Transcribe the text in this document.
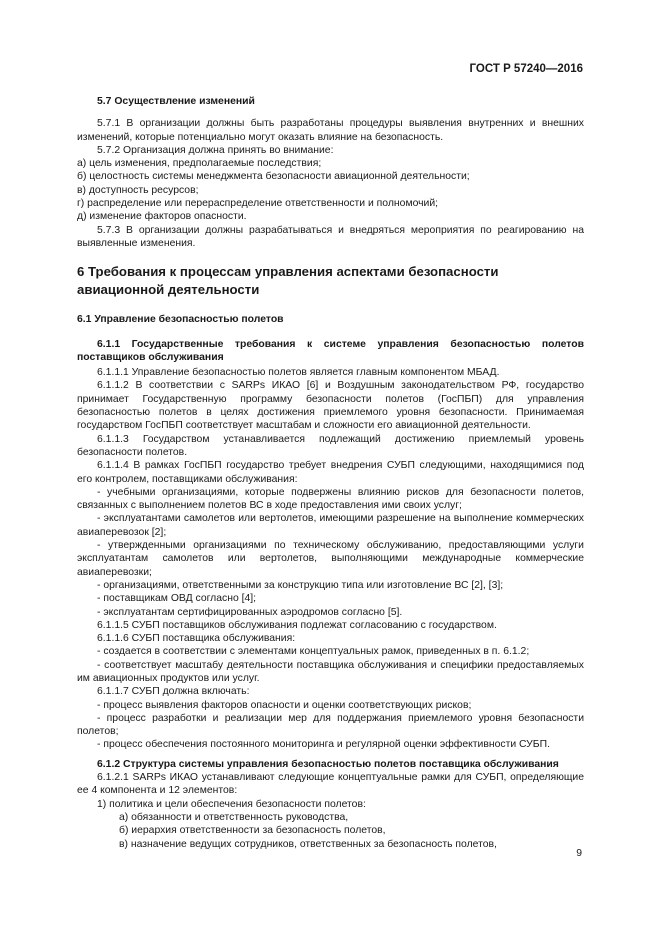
ГОСТ Р 57240—2016

5.7 Осуществление изменений

5.7.1 В организации должны быть разработаны процедуры выявления внутренних и внешних изменений, которые потенциально могут оказать влияние на безопасность.

5.7.2 Организация должна принять во внимание:

а) цель изменения, предполагаемые последствия;

б) целостность системы менеджмента безопасности авиационной деятельности;

в) доступность ресурсов;

г) распределение или перераспределение ответственности и полномочий;

д) изменение факторов опасности.

5.7.3 В организации должны разрабатываться и внедряться мероприятия по реагированию на выявленные изменения.

6 Требования к процессам управления аспектами безопасности авиационной деятельности

6.1 Управление безопасностью полетов

6.1.1 Государственные требования к системе управления безопасностью полетов поставщиков обслуживания

6.1.1.1 Управление безопасностью полетов является главным компонентом МБАД.

6.1.1.2 В соответствии с SARPs ИКАО [6] и Воздушным законодательством РФ, государство принимает Государственную программу безопасности полетов (ГосПБП) для управления безопасностью полетов в целях достижения приемлемого уровня безопасности. Принимаемая государством ГосПБП соответствует масштабам и сложности его авиационной деятельности.

6.1.1.3 Государством устанавливается подлежащий достижению приемлемый уровень безопасности полетов.

6.1.1.4 В рамках ГосПБП государство требует внедрения СУБП следующими, находящимися под его контролем, поставщиками обслуживания:

- учебными организациями, которые подвержены влиянию рисков для безопасности полетов, связанных с выполнением полетов ВС в ходе предоставления ими своих услуг;

- эксплуатантами самолетов или вертолетов, имеющими разрешение на выполнение коммерческих авиаперевозок [2];

- утвержденными организациями по техническому обслуживанию, предоставляющими услуги эксплуатантам самолетов или вертолетов, выполняющими международные коммерческие авиаперевозки;

- организациями, ответственными за конструкцию типа или изготовление ВС [2], [3];

- поставщикам ОВД согласно [4];

- эксплуатантам сертифицированных аэродромов согласно [5].

6.1.1.5 СУБП поставщиков обслуживания подлежат согласованию с государством.

6.1.1.6 СУБП поставщика обслуживания:

- создается в соответствии с элементами концептуальных рамок, приведенных в п. 6.1.2;

- соответствует масштабу деятельности поставщика обслуживания и специфики предоставляемых им авиационных продуктов или услуг.

6.1.1.7 СУБП должна включать:

- процесс выявления факторов опасности и оценки соответствующих рисков;

- процесс разработки и реализации мер для поддержания приемлемого уровня безопасности полетов;

- процесс обеспечения постоянного мониторинга и регулярной оценки эффективности СУБП.

6.1.2 Структура системы управления безопасностью полетов поставщика обслуживания

6.1.2.1 SARPs ИКАО устанавливают следующие концептуальные рамки для СУБП, определяющие ее 4 компонента и 12 элементов:

1) политика и цели обеспечения безопасности полетов:

а) обязанности и ответственность руководства,

б) иерархия ответственности за безопасность полетов,

в) назначение ведущих сотрудников, ответственных за безопасность полетов,

9
